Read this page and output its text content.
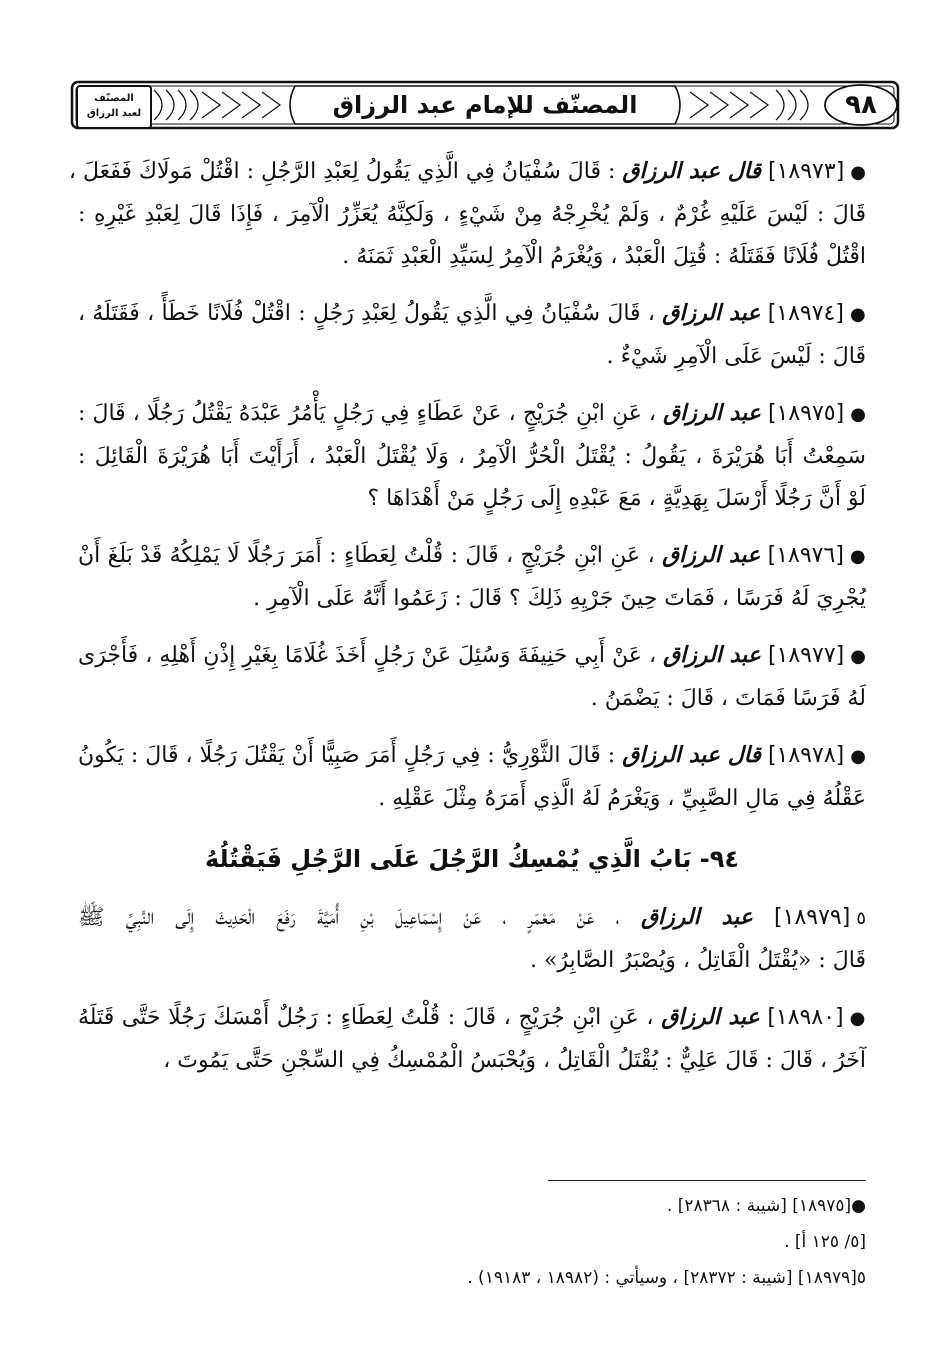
المصنّف لعبد الرزاق	المصنّف للإمام عبد الرزاق	٩٨
●[١٨٩٧٣] قال عبد الرزاق : قَالَ سُفْيَانُ فِي الَّذِي يَقُولُ لِعَبْدِ الرَّجُلِ : اقْتُلْ مَولَاكَ فَفَعَلَ ،
قَالَ : لَيْسَ عَلَيْهِ غُرْمٌ ، وَلَمْ يُخْرِجْهُ مِنْ شَيْءٍ ، وَلَكِنَّهُ يُعَزِّرُ الْآمِرَ ، فَإِذَا قَالَ لِعَبْدِ غَيْرِهِ :
اقْتُلْ فُلَانًا فَقَتَلَهُ : قُتِلَ الْعَبْدُ ، وَيُغْرَمُ الْآمِرُ لِسَيِّدِ الْعَبْدِ ثَمَنَهُ .
●[١٨٩٧٤] عبد الرزاق ، قَالَ سُفْيَانُ فِي الَّذِي يَقُولُ لِعَبْدِ رَجُلٍ : اقْتُلْ فُلَانًا خَطَأً ، فَقَتَلَهُ ،
قَالَ : لَيْسَ عَلَى الْآمِرِ شَيْءٌ .
●[١٨٩٧٥] عبد الرزاق ، عَنِ ابْنِ جُرَيْجٍ ، عَنْ عَطَاءٍ فِي رَجُلٍ يَأْمُرُ عَبْدَهُ يَقْتُلُ رَجُلًا ، قَالَ :
سَمِعْتُ أَبَا هُرَيْرَةَ ، يَقُولُ : يُقْتَلُ الْحُرُّ الْآمِرُ ، وَلَا يُقْتَلُ الْعَبْدُ ، أَرَأَيْتَ أَبَا هُرَيْرَةَ الْقَائِلَ :
لَوْ أَنَّ رَجُلًا أَرْسَلَ بِهَدِيَّةٍ ، مَعَ عَبْدِهِ إِلَى رَجُلٍ مَنْ أَهْدَاهَا ؟
●[١٨٩٧٦] عبد الرزاق ، عَنِ ابْنِ جُرَيْجٍ ، قَالَ : قُلْتُ لِعَطَاءٍ : أَمَرَ رَجُلًا لَا يَمْلِكُهُ قَدْ بَلَغَ أَنْ
يُجْرِيَ لَهُ فَرَسًا ، فَمَاتَ حِينَ جَرْيِهِ ذَلِكَ ؟ قَالَ : زَعَمُوا أَنَّهُ عَلَى الْآمِرِ .
●[١٨٩٧٧] عبد الرزاق ، عَنْ أَبِي حَنِيفَةَ وَسُئِلَ عَنْ رَجُلٍ أَخَذَ غُلَامًا بِغَيْرِ إِذْنِ أَهْلِهِ ، فَأَجْرَى
لَهُ فَرَسًا فَمَاتَ ، قَالَ : يَضْمَنُ .
●[١٨٩٧٨] قال عبد الرزاق : قَالَ الثَّوْرِيُّ : فِي رَجُلٍ أَمَرَ صَبِيًّا أَنْ يَقْتُلَ رَجُلًا ، قَالَ : يَكُونُ
عَقْلُهُ فِي مَالِ الصَّبِيِّ ، وَيَغْرَمُ لَهُ الَّذِي أَمَرَهُ مِثْلَ عَقْلِهِ .
٩٤- بَابُ الَّذِي يُمْسِكُ الرَّجُلَ عَلَى الرَّجُلِ فَيَقْتُلُهُ
٥[١٨٩٧٩] عبد الرزاق ، عَنْ مَعْمَرٍ ، عَنْ إِسْمَاعِيلَ بْنِ أُمَيَّةَ رَفَعَ الْحَدِيثَ إِلَى النَّبِيِّ ﷺ
قَالَ : «يُقْتَلُ الْقَاتِلُ ، وَيُصْبَرُ الصَّابِرُ» .
●[١٨٩٨٠] عبد الرزاق ، عَنِ ابْنِ جُرَيْجٍ ، قَالَ : قُلْتُ لِعَطَاءٍ : رَجُلٌ أَمْسَكَ رَجُلًا حَتَّى قَتَلَهُ
آخَرُ ، قَالَ : قَالَ عَلِيٌّ : يُقْتَلُ الْقَاتِلُ ، وَيُحْبَسُ الْمُمْسِكُ فِي السِّجْنِ حَتَّى يَمُوتَ ،
●[١٨٩٧٥] [شيبة : ٢٨٣٦٨] .
[٥/ ١٢٥ أ] .
٥[١٨٩٧٩] [شيبة : ٢٨٣٧٢] ، وسيأتي : (١٨٩٨٢ ، ١٩١٨٣) .
